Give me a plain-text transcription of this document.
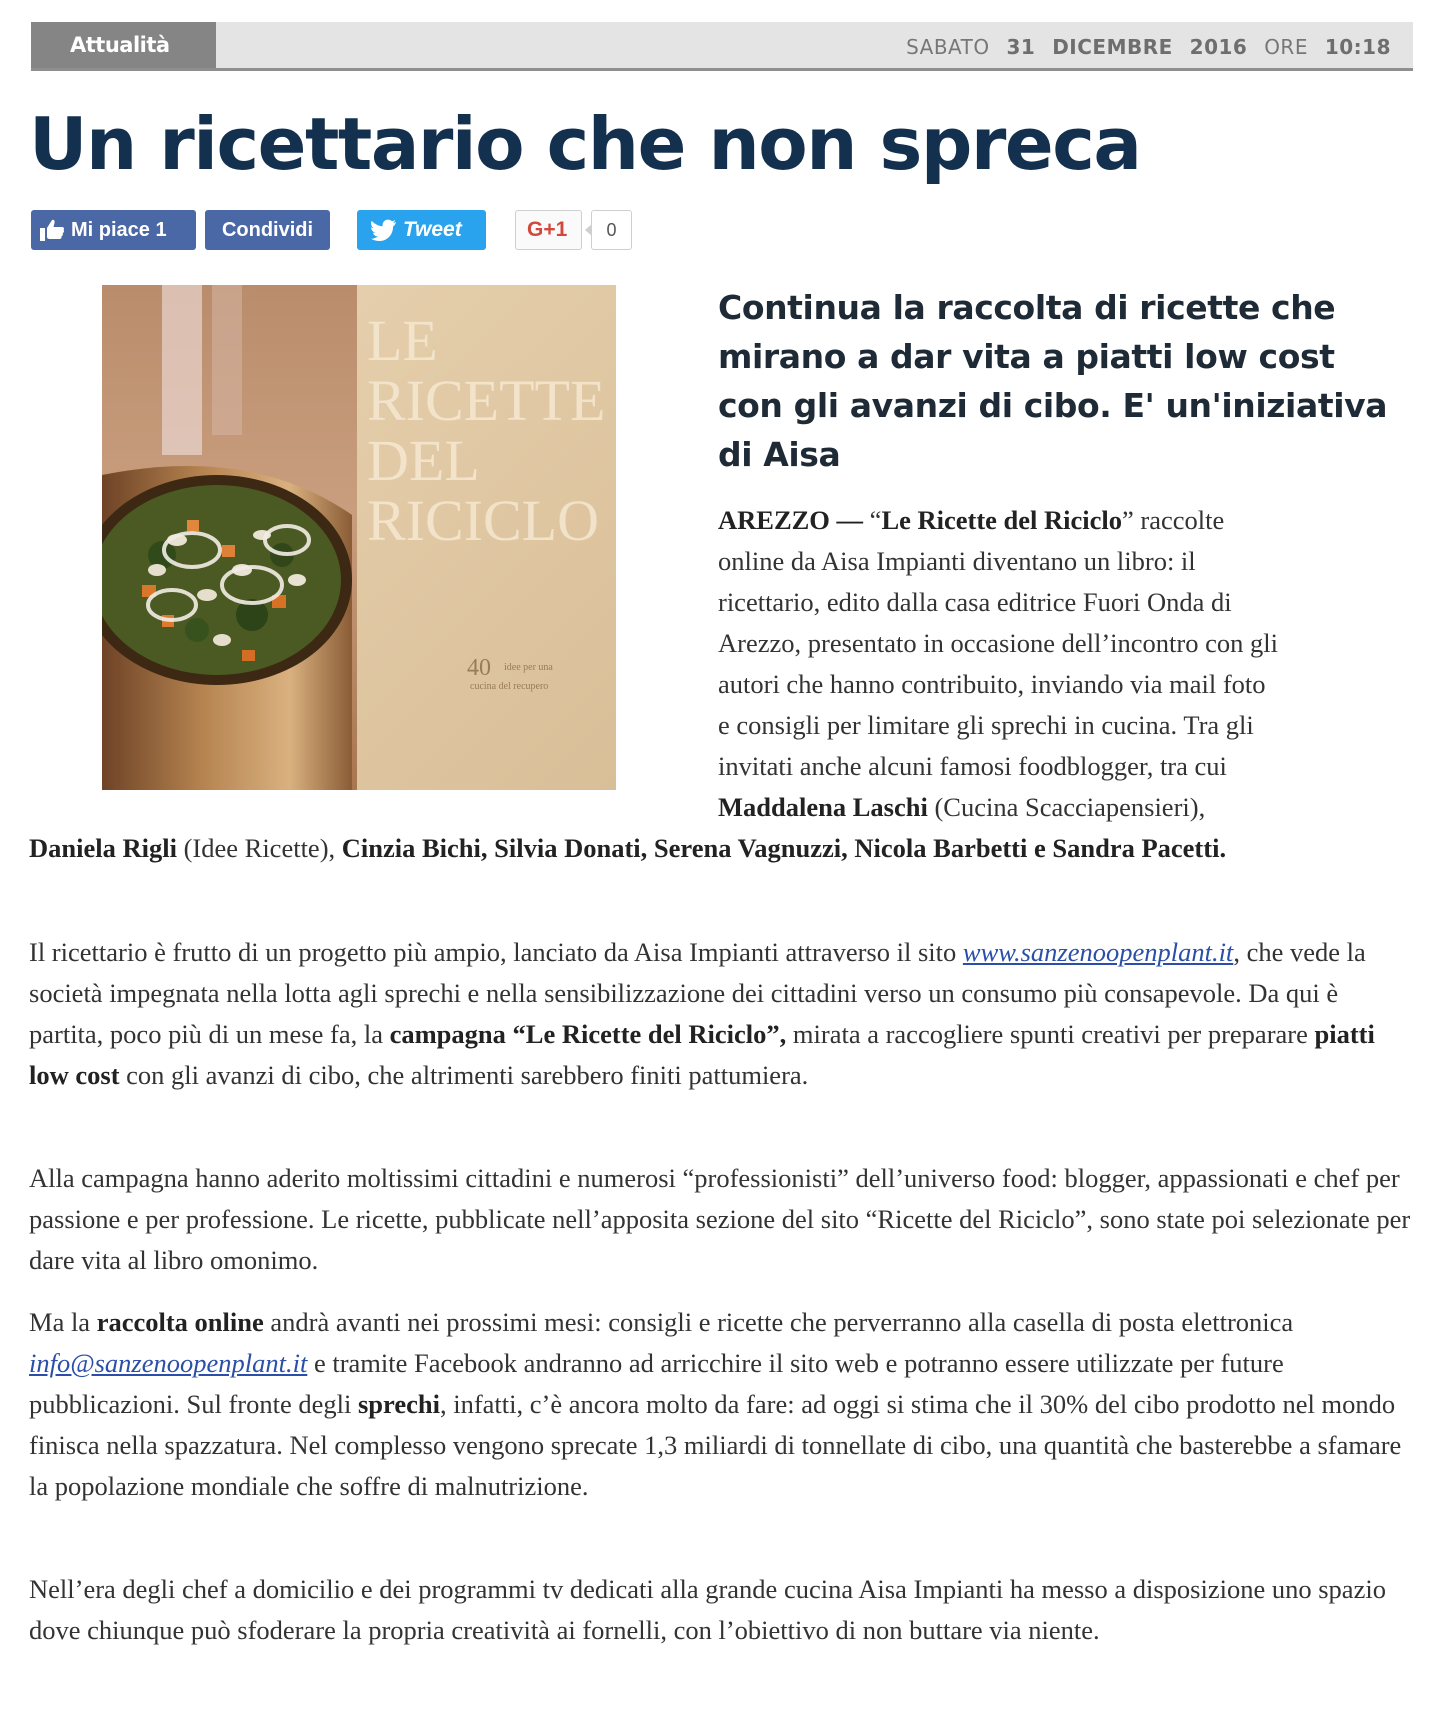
Attualità	SABATO 31 DICEMBRE 2016 ORE 10:18
Un ricettario che non spreca
Mi piace 1	Condividi	Tweet	G+1	0
LE
RICETTE
DEL
RICICLO
40 idee per una
cucina del recupero
Continua la raccolta di ricette che mirano a dar vita a piatti low cost con gli avanzi di cibo. E' un'iniziativa di Aisa
AREZZO — “Le Ricette del Riciclo” raccolte
online da Aisa Impianti diventano un libro: il
ricettario, edito dalla casa editrice Fuori Onda di
Arezzo, presentato in occasione dell’incontro con gli
autori che hanno contribuito, inviando via mail foto
e consigli per limitare gli sprechi in cucina. Tra gli
invitati anche alcuni famosi foodblogger, tra cui
Maddalena Laschi (Cucina Scacciapensieri),
Daniela Rigli (Idee Ricette), Cinzia Bichi, Silvia Donati, Serena Vagnuzzi, Nicola Barbetti e Sandra Pacetti.

Il ricettario è frutto di un progetto più ampio, lanciato da Aisa Impianti attraverso il sito www.sanzenoopenplant.it, che vede la società impegnata nella lotta agli sprechi e nella sensibilizzazione dei cittadini verso un consumo più consapevole. Da qui è partita, poco più di un mese fa, la campagna “Le Ricette del Riciclo”, mirata a raccogliere spunti creativi per preparare piatti low cost con gli avanzi di cibo, che altrimenti sarebbero finiti pattumiera.

Alla campagna hanno aderito moltissimi cittadini e numerosi “professionisti” dell’universo food: blogger, appassionati e chef per passione e per professione. Le ricette, pubblicate nell’apposita sezione del sito “Ricette del Riciclo”, sono state poi selezionate per dare vita al libro omonimo.

Ma la raccolta online andrà avanti nei prossimi mesi: consigli e ricette che perverranno alla casella di posta elettronica info@sanzenoopenplant.it e tramite Facebook andranno ad arricchire il sito web e potranno essere utilizzate per future pubblicazioni. Sul fronte degli sprechi, infatti, c’è ancora molto da fare: ad oggi si stima che il 30% del cibo prodotto nel mondo finisca nella spazzatura. Nel complesso vengono sprecate 1,3 miliardi di tonnellate di cibo, una quantità che basterebbe a sfamare la popolazione mondiale che soffre di malnutrizione.

Nell’era degli chef a domicilio e dei programmi tv dedicati alla grande cucina Aisa Impianti ha messo a disposizione uno spazio dove chiunque può sfoderare la propria creatività ai fornelli, con l’obiettivo di non buttare via niente.
